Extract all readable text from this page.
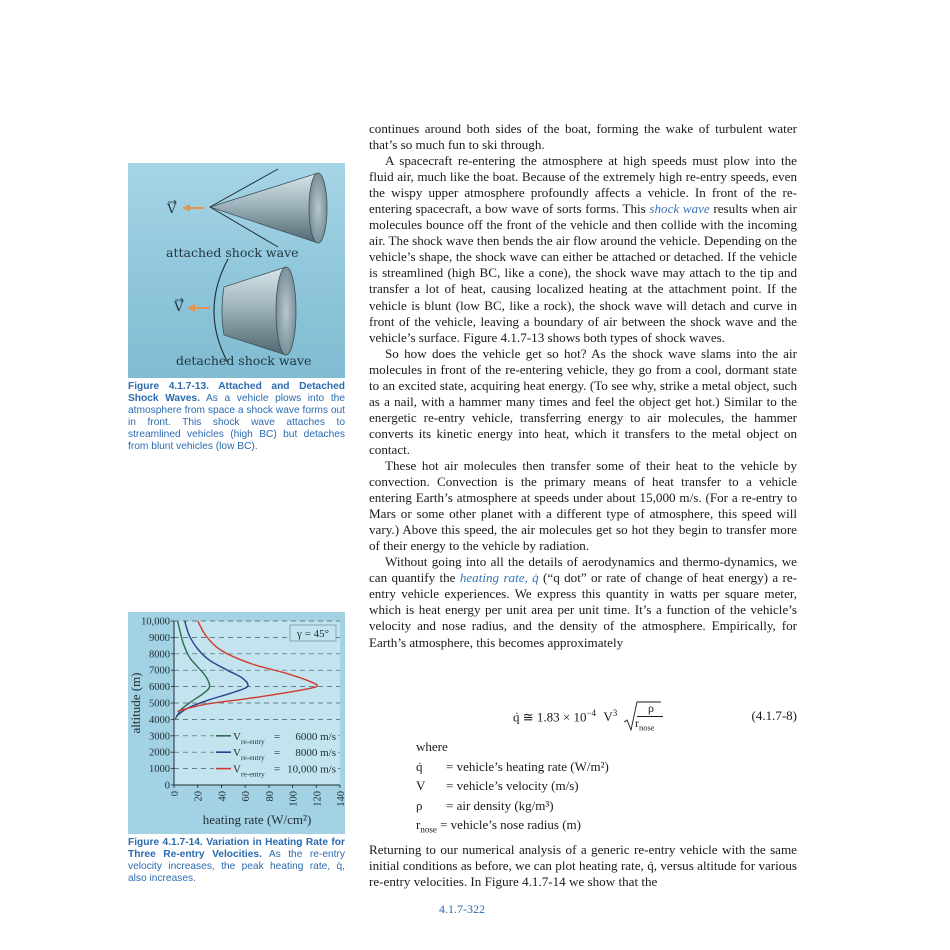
V
V
attached shock wave
detached shock wave
Figure 4.1.7-13. Attached and Detached Shock Waves. As a vehicle plows into the atmosphere from space a shock wave forms out in front. This shock wave attaches to streamlined vehicles (high BC) but detaches from blunt vehicles (low BC).
0
1000
2000
3000
4000
5000
6000
7000
8000
9000
10,000
0 20 40 60 80 100 120 140
γ = 45°
V re-entry = 6000 m/s
V re-entry = 8000 m/s
V re-entry = 10,000 m/s
altitude (m)
heating rate (W/cm²)
Figure 4.1.7-14. Variation in Heating Rate for Three Re-entry Velocities. As the re-entry velocity increases, the peak heating rate, q̇, also increases.

continues around both sides of the boat, forming the wake of turbulent water that’s so much fun to ski through.

A spacecraft re-entering the atmosphere at high speeds must plow into the fluid air, much like the boat. Because of the extremely high re-entry speeds, even the wispy upper atmosphere profoundly affects a vehicle. In front of the re-entering spacecraft, a bow wave of sorts forms. This shock wave results when air molecules bounce off the front of the vehicle and then collide with the incoming air. The shock wave then bends the air flow around the vehicle. Depending on the vehicle’s shape, the shock wave can either be attached or detached. If the vehicle is streamlined (high BC, like a cone), the shock wave may attach to the tip and transfer a lot of heat, causing localized heating at the attachment point. If the vehicle is blunt (low BC, like a rock), the shock wave will detach and curve in front of the vehicle, leaving a boundary of air between the shock wave and the vehicle’s surface. Figure 4.1.7-13 shows both types of shock waves.

So how does the vehicle get so hot? As the shock wave slams into the air molecules in front of the re-entering vehicle, they go from a cool, dormant state to an excited state, acquiring heat energy. (To see why, strike a metal object, such as a nail, with a hammer many times and feel the object get hot.) Similar to the energetic re-entry vehicle, transferring energy to air molecules, the hammer converts its kinetic energy into heat, which it transfers to the metal object on contact.

These hot air molecules then transfer some of their heat to the vehicle by convection. Convection is the primary means of heat transfer to a vehicle entering Earth’s atmosphere at speeds under about 15,000 m/s. (For a re-entry to Mars or some other planet with a different type of atmosphere, this speed will vary.) Above this speed, the air molecules get so hot they begin to transfer more of their energy to the vehicle by radiation.

Without going into all the details of aerodynamics and thermo-dynamics, we can quantify the heating rate, q̇ (“q dot” or rate of change of heat energy) a re-entry vehicle experiences. We express this quantity in watts per square meter, which is heat energy per unit area per unit time. It’s a function of the vehicle’s velocity and nose radius, and the density of the atmosphere. Empirically, for Earth’s atmosphere, this becomes approximately

q̇ ≅ $1.83 \times 10^{-4}$ $V^3$	ρ
$r_{nose}$
(4.1.7-8)
where
q̇ = vehicle’s heating rate (W/m²)
V = vehicle’s velocity (m/s)
ρ = air density (kg/m³)
$r_{nose}$ = vehicle’s nose radius (m)
Returning to our numerical analysis of a generic re-entry vehicle with the same initial conditions as before, we can plot heating rate, q̇, versus altitude for various re-entry velocities. In Figure 4.1.7-14 we show that the
4.1.7-322
